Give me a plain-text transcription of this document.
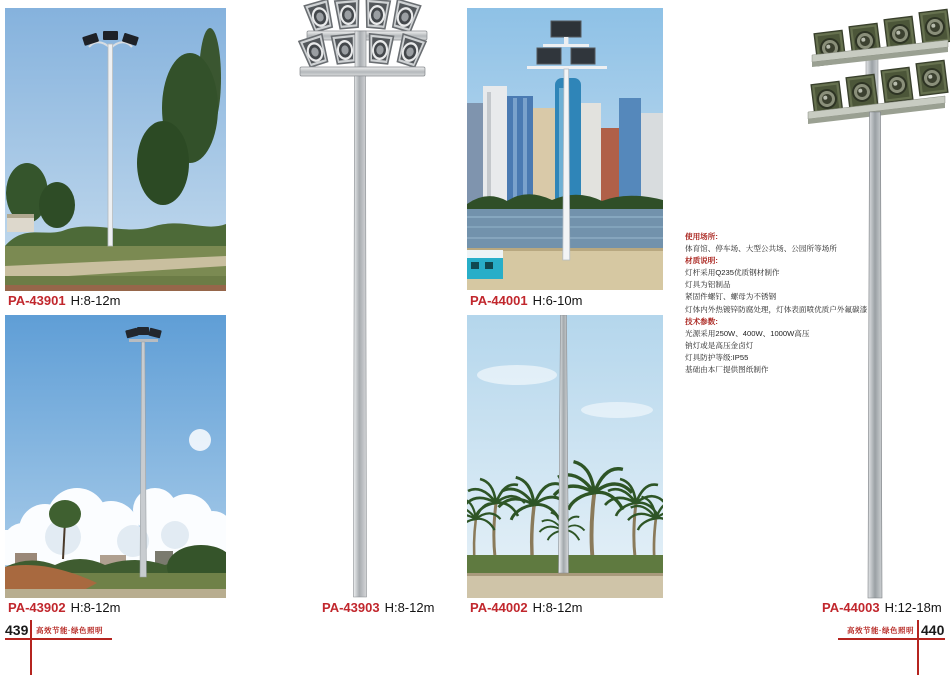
PA-43901 H:8-12m
PA-43902 H:8-12m	PA-43903 H:8-12m
PA-44001 H:6-10m
PA-44002 H:8-12m	PA-44003 H:12-18m
使用场所:
体育馆、停车场、大型公共场、公园所等场所
材质说明:
灯杆采用Q235优质钢材制作
灯具为铝制品
紧固件螺钉、螺母为不锈钢
灯体内外热镀锌防腐处理，灯体表面喷优质户外氟碳漆
技术参数:
光源采用250W、400W、1000W高压
钠灯或是高压金卤灯
灯具防护等级:IP55
基础由本厂提供图纸制作
439 高效节能·绿色照明	高效节能·绿色照明 440
